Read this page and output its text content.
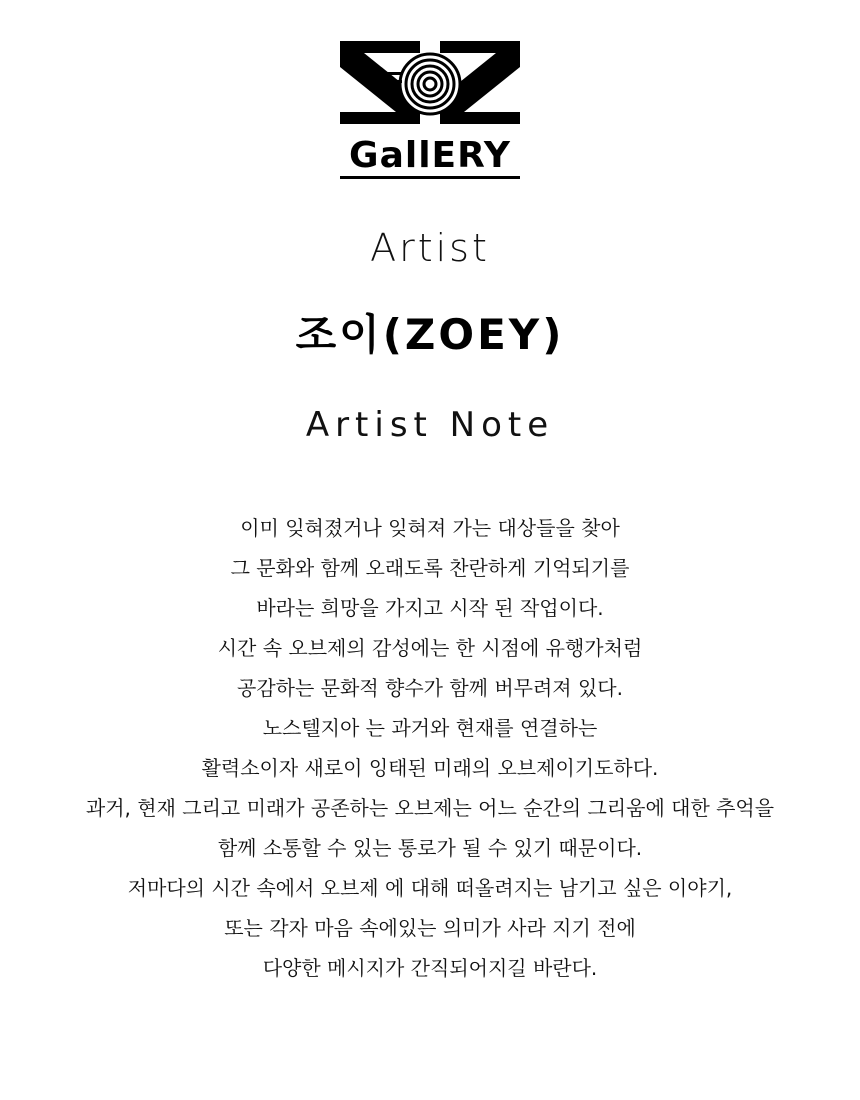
GallERY
Artist
조이(ZOEY)
Artist Note
이미 잊혀졌거나 잊혀져 가는 대상들을 찾아
그 문화와 함께 오래도록 찬란하게 기억되기를
바라는 희망을 가지고 시작 된 작업이다.
시간 속 오브제의 감성에는 한 시점에 유행가처럼
공감하는 문화적 향수가 함께 버무려져 있다.
노스텔지아 는 과거와 현재를 연결하는
활력소이자 새로이 잉태된 미래의 오브제이기도하다.
과거, 현재 그리고 미래가 공존하는 오브제는 어느 순간의 그리움에 대한 추억을
함께 소통할 수 있는 통로가 될 수 있기 때문이다.
저마다의 시간 속에서 오브제 에 대해 떠올려지는 남기고 싶은 이야기,
또는 각자 마음 속에있는 의미가 사라 지기 전에
다양한 메시지가 간직되어지길 바란다.
